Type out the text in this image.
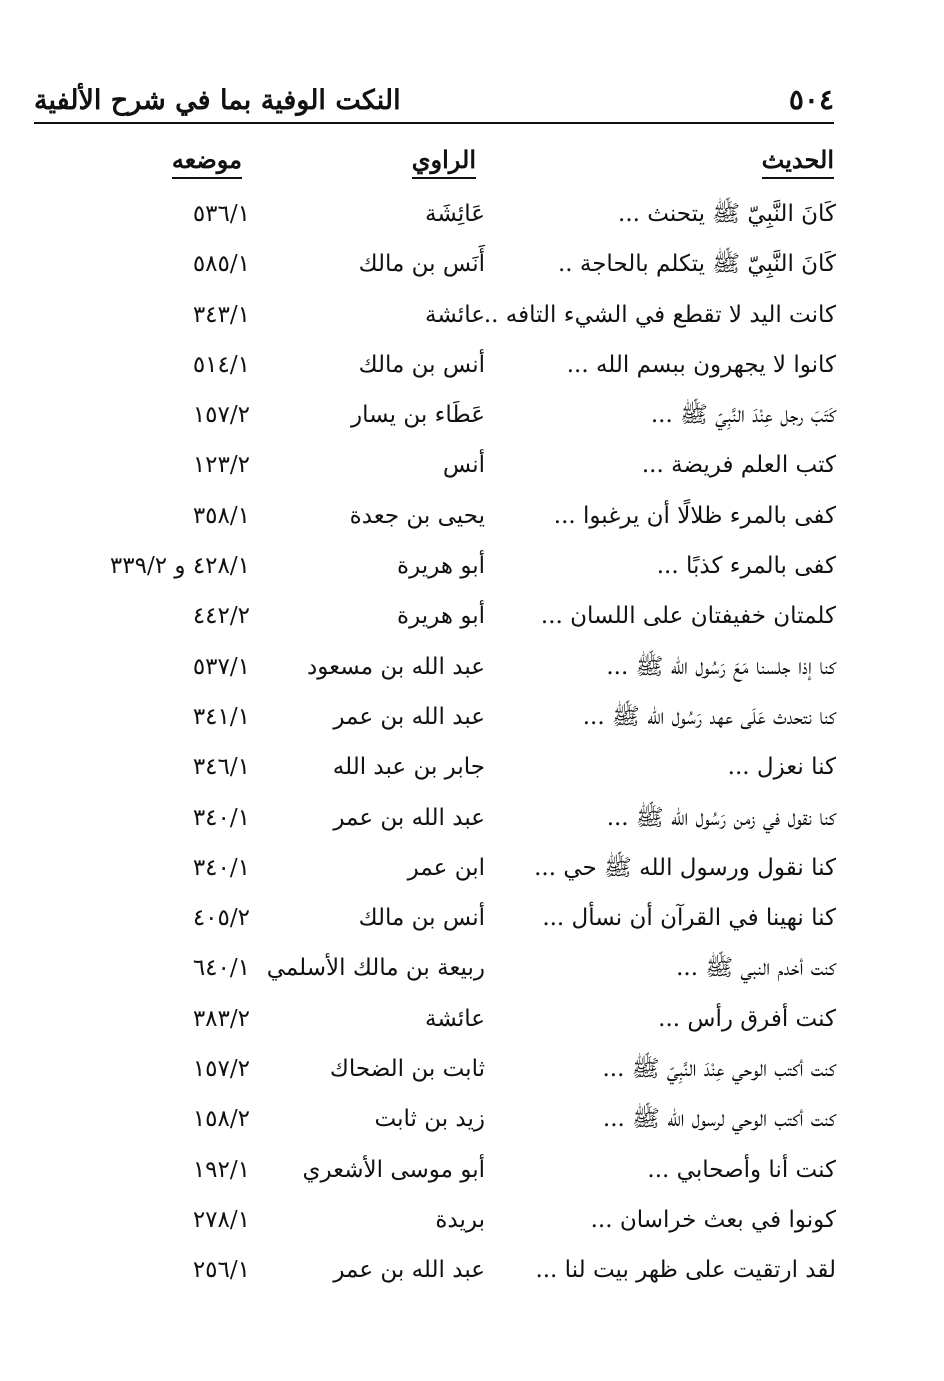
٥٠٤
النكت الوفية بما في شرح الألفية
الحديث
الراوي
موضعه
كَانَ النَّبِيّ ﷺ يتحنث ...
عَائِشَة
٥٣٦/١
كَانَ النَّبِيّ ﷺ يتكلم بالحاجة ..
أَنَس بن مالك
٥٨٥/١
كانت اليد لا تقطع في الشيء التافه ..
عائشة
٣٤٣/١
كانوا لا يجهرون ببسم الله ...
أنس بن مالك
٥١٤/١
كَتَبَ رجل عِنْدَ النَّبِيّ ﷺ ...
عَطَاء بن يسار
١٥٧/٢
كتب العلم فريضة ...
أنس
١٢٣/٢
كفى بالمرء ظلالًا أن يرغبوا ...
يحيى بن جعدة
٣٥٨/١
كفى بالمرء كذبًا ...
أبو هريرة
٤٢٨/١ و ٣٣٩/٢
كلمتان خفيفتان على اللسان ...
أبو هريرة
٤٤٢/٢
كنا إذا جلسنا مَعَ رَسُول الله ﷺ ...
عبد الله بن مسعود
٥٣٧/١
كنا نتحدث عَلَى عهد رَسُول الله ﷺ ...
عبد الله بن عمر
٣٤١/١
كنا نعزل ...
جابر بن عبد الله
٣٤٦/١
كنا نقول في زمن رَسُول الله ﷺ ...
عبد الله بن عمر
٣٤٠/١
كنا نقول ورسول الله ﷺ حي ...
ابن عمر
٣٤٠/١
كنا نهينا في القرآن أن نسأل ...
أنس بن مالك
٤٠٥/٢
كنت أخدم النبي ﷺ ...
ربيعة بن مالك الأسلمي
٦٤٠/١
كنت أفرق رأس ...
عائشة
٣٨٣/٢
كنت أكتب الوحي عِنْدَ النَّبِيّ ﷺ ...
ثابت بن الضحاك
١٥٧/٢
كنت أكتب الوحي لرسول الله ﷺ ...
زيد بن ثابت
١٥٨/٢
كنت أنا وأصحابي ...
أبو موسى الأشعري
١٩٢/١
كونوا في بعث خراسان ...
بريدة
٢٧٨/١
لقد ارتقيت على ظهر بيت لنا ...
عبد الله بن عمر
٢٥٦/١
